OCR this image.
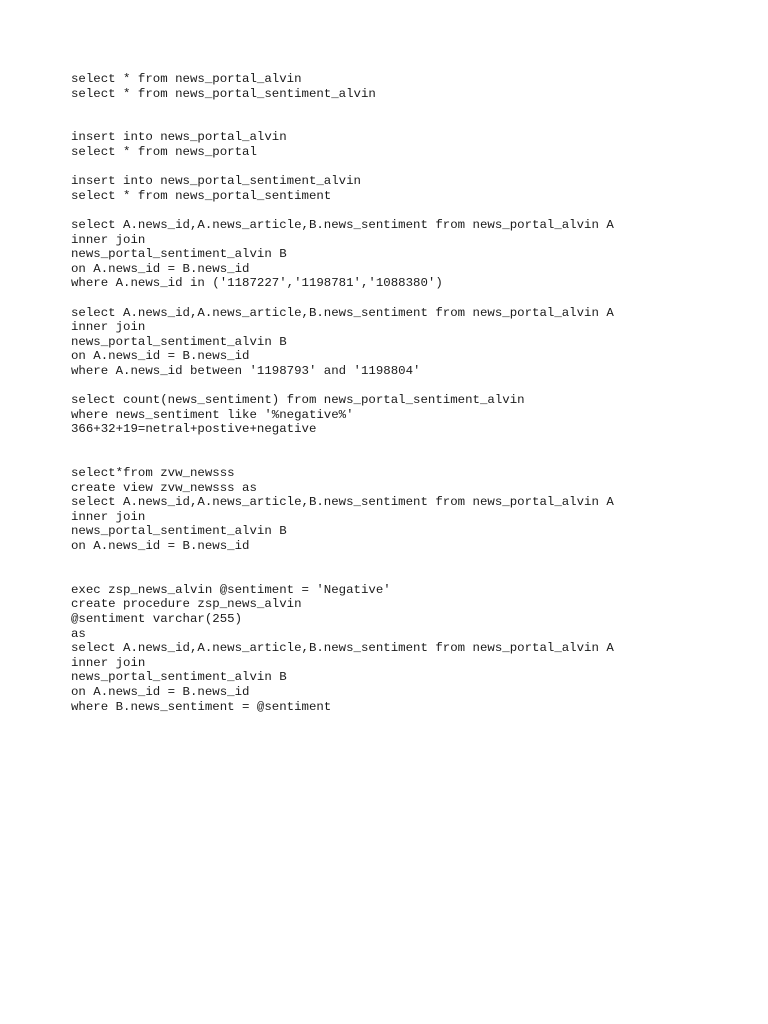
select * from news_portal_alvin
select * from news_portal_sentiment_alvin
insert into news_portal_alvin
select * from news_portal
insert into news_portal_sentiment_alvin
select * from news_portal_sentiment
select A.news_id,A.news_article,B.news_sentiment from news_portal_alvin A
inner join
news_portal_sentiment_alvin B
on A.news_id = B.news_id
where A.news_id in ('1187227','1198781','1088380')
select A.news_id,A.news_article,B.news_sentiment from news_portal_alvin A
inner join
news_portal_sentiment_alvin B
on A.news_id = B.news_id
where A.news_id between '1198793' and '1198804'
select count(news_sentiment) from news_portal_sentiment_alvin
where news_sentiment like '%negative%'
366+32+19=netral+postive+negative
select*from zvw_newsss
create view zvw_newsss as
select A.news_id,A.news_article,B.news_sentiment from news_portal_alvin A
inner join
news_portal_sentiment_alvin B
on A.news_id = B.news_id
exec zsp_news_alvin @sentiment = 'Negative'
create procedure zsp_news_alvin
@sentiment varchar(255)
as
select A.news_id,A.news_article,B.news_sentiment from news_portal_alvin A
inner join
news_portal_sentiment_alvin B
on A.news_id = B.news_id
where B.news_sentiment = @sentiment
